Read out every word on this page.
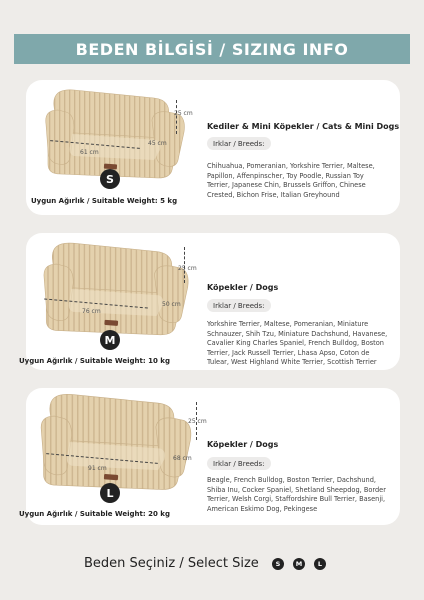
BEDEN BİLGİSİ / SIZING INFO
25 cm
45 cm
61 cm
S
Uygun Ağırlık / Suitable Weight: 5 kg
Kediler & Mini Köpekler / Cats & Mini Dogs
Irklar / Breeds:
Chihuahua, Pomeranian, Yorkshire Terrier, Maltese, Papillon, Affenpinscher, Toy Poodle, Russian Toy Terrier, Japanese Chin, Brussels Griffon, Chinese Crested, Bichon Frise, Italian Greyhound
25 cm
50 cm
76 cm
M
Uygun Ağırlık / Suitable Weight: 10 kg
Köpekler / Dogs
Irklar / Breeds:
Yorkshire Terrier, Maltese, Pomeranian, Miniature Schnauzer, Shih Tzu, Miniature Dachshund, Havanese, Cavalier King Charles Spaniel, French Bulldog, Boston Terrier, Jack Russell Terrier, Lhasa Apso, Coton de Tulear, West Highland White Terrier, Scottish Terrier
25 cm
68 cm
91 cm
L
Uygun Ağırlık / Suitable Weight: 20 kg
Köpekler / Dogs
Irklar / Breeds:
Beagle, French Bulldog, Boston Terrier, Dachshund, Shiba Inu, Cocker Spaniel, Shetland Sheepdog, Border Terrier, Welsh Corgi, Staffordshire Bull Terrier, Basenji, American Eskimo Dog, Pekingese
Beden Seçiniz / Select Size	S M L
